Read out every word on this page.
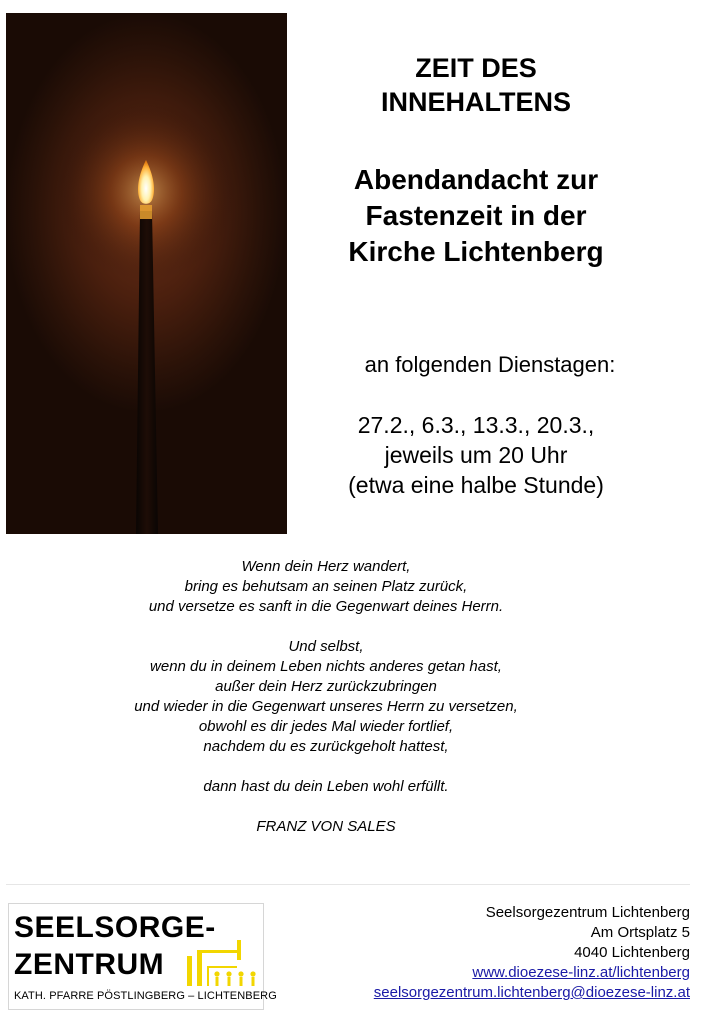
ZEIT DES
INNEHALTENS
Abendandacht zur
Fastenzeit in der
Kirche Lichtenberg

an folgenden Dienstagen:

27.2., 6.3., 13.3., 20.3.,
jeweils um 20 Uhr
(etwa eine halbe Stunde)
Wenn dein Herz wandert,
bring es behutsam an seinen Platz zurück,
und versetze es sanft in die Gegenwart deines Herrn.
Und selbst,
wenn du in deinem Leben nichts anderes getan hast,
außer dein Herz zurückzubringen
und wieder in die Gegenwart unseres Herrn zu versetzen,
obwohl es dir jedes Mal wieder fortlief,
nachdem du es zurückgeholt hattest,
dann hast du dein Leben wohl erfüllt.
FRANZ VON SALES
SEELSORGE-
ZENTRUM
KATH. PFARRE PÖSTLINGBERG – LICHTENBERG
Seelsorgezentrum Lichtenberg
Am Ortsplatz 5
4040 Lichtenberg
www.dioezese-linz.at/lichtenberg
seelsorgezentrum.lichtenberg@dioezese-linz.at
